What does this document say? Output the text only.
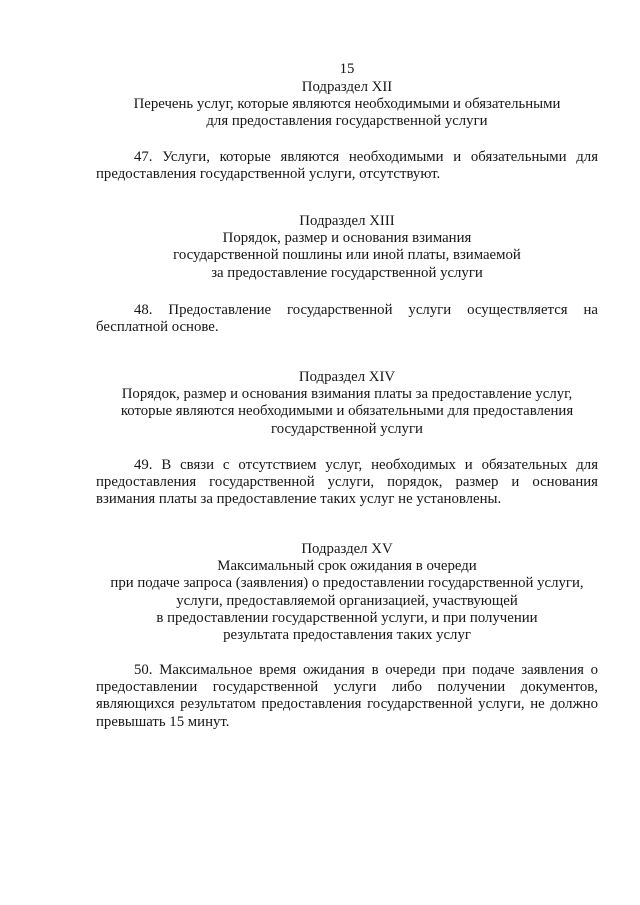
15
Подраздел XII
Перечень услуг, которые являются необходимыми и обязательными
для предоставления государственной услуги
47. Услуги, которые являются необходимыми и обязательными для
предоставления государственной услуги, отсутствуют.
Подраздел XIII
Порядок, размер и основания взимания
государственной пошлины или иной платы, взимаемой
за предоставление государственной услуги
48. Предоставление государственной услуги осуществляется на
бесплатной основе.
Подраздел XIV
Порядок, размер и основания взимания платы за предоставление услуг,
которые являются необходимыми и обязательными для предоставления
государственной услуги
49. В связи с отсутствием услуг, необходимых и обязательных для
предоставления государственной услуги, порядок, размер и основания
взимания платы за предоставление таких услуг не установлены.
Подраздел XV
Максимальный срок ожидания в очереди
при подаче запроса (заявления) о предоставлении государственной услуги,
услуги, предоставляемой организацией, участвующей
в предоставлении государственной услуги, и при получении
результата предоставления таких услуг
50. Максимальное время ожидания в очереди при подаче заявления о
предоставлении государственной услуги либо получении документов,
являющихся результатом предоставления государственной услуги, не должно
превышать 15 минут.
